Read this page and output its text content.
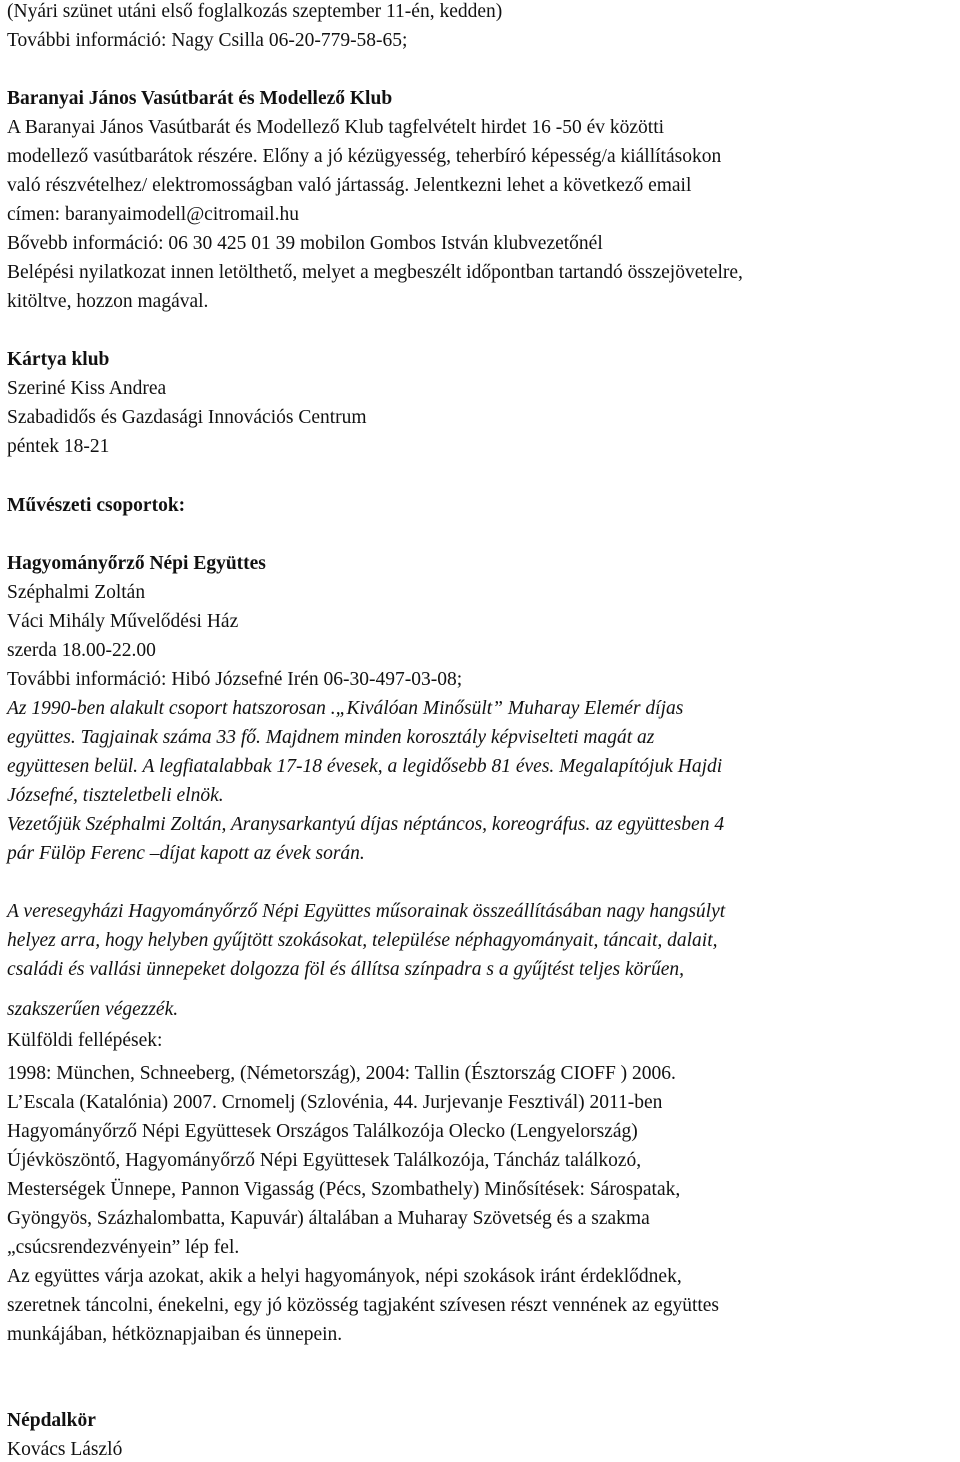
(Nyári szünet utáni első foglalkozás szeptember 11-én, kedden)
További információ: Nagy Csilla 06-20-779-58-65;
Baranyai János Vasútbarát és Modellező Klub
A Baranyai János Vasútbarát és Modellező Klub tagfelvételt hirdet 16 -50 év közötti
modellező vasútbarátok részére. Előny a jó kézügyesség, teherbíró képesség/a kiállításokon
való részvételhez/ elektromosságban való jártasság. Jelentkezni lehet a következő email
címen: baranyaimodell@citromail.hu
Bővebb információ: 06 30 425 01 39 mobilon Gombos István klubvezetőnél
Belépési nyilatkozat innen letölthető, melyet a megbeszélt időpontban tartandó összejövetelre,
kitöltve, hozzon magával.
Kártya klub
Szeriné Kiss Andrea
Szabadidős és Gazdasági Innovációs Centrum
péntek 18-21
Művészeti csoportok:
Hagyományőrző Népi Együttes
Széphalmi Zoltán
Váci Mihály Művelődési Ház
szerda 18.00-22.00
További információ: Hibó Józsefné Irén 06-30-497-03-08;
Az 1990-ben alakult csoport hatszorosan .„Kiválóan Minősült” Muharay Elemér díjas
együttes. Tagjainak száma 33 fő. Majdnem minden korosztály képviselteti magát az
együttesen belül. A legfiatalabbak 17-18 évesek, a legidősebb 81 éves. Megalapítójuk Hajdi
Józsefné, tiszteletbeli elnök.
Vezetőjük Széphalmi Zoltán, Aranysarkantyú díjas néptáncos, koreográfus. az együttesben 4
pár Fülöp Ferenc –díjat kapott az évek során.
A veresegyházi Hagyományőrző Népi Együttes műsorainak összeállításában nagy hangsúlyt
helyez arra, hogy helyben gyűjtött szokásokat, települése néphagyományait, táncait, dalait,
családi és vallási ünnepeket dolgozza föl és állítsa színpadra s a gyűjtést teljes körűen,
szakszerűen végezzék.
Külföldi fellépések:
1998: München, Schneeberg, (Németország), 2004: Tallin (Észtország CIOFF ) 2006.
L’Escala (Katalónia) 2007. Crnomelj (Szlovénia, 44. Jurjevanje Fesztivál) 2011-ben
Hagyományőrző Népi Együttesek Országos Találkozója Olecko (Lengyelország)
Újévköszöntő, Hagyományőrző Népi Együttesek Találkozója, Táncház találkozó,
Mesterségek Ünnepe, Pannon Vigasság (Pécs, Szombathely) Minősítések: Sárospatak,
Gyöngyös, Százhalombatta, Kapuvár) általában a Muharay Szövetség és a szakma
„csúcsrendezvényein” lép fel.
Az együttes várja azokat, akik a helyi hagyományok, népi szokások iránt érdeklődnek,
szeretnek táncolni, énekelni, egy jó közösség tagjaként szívesen részt vennének az együttes
munkájában, hétköznapjaiban és ünnepein.
Népdalkör
Kovács László
